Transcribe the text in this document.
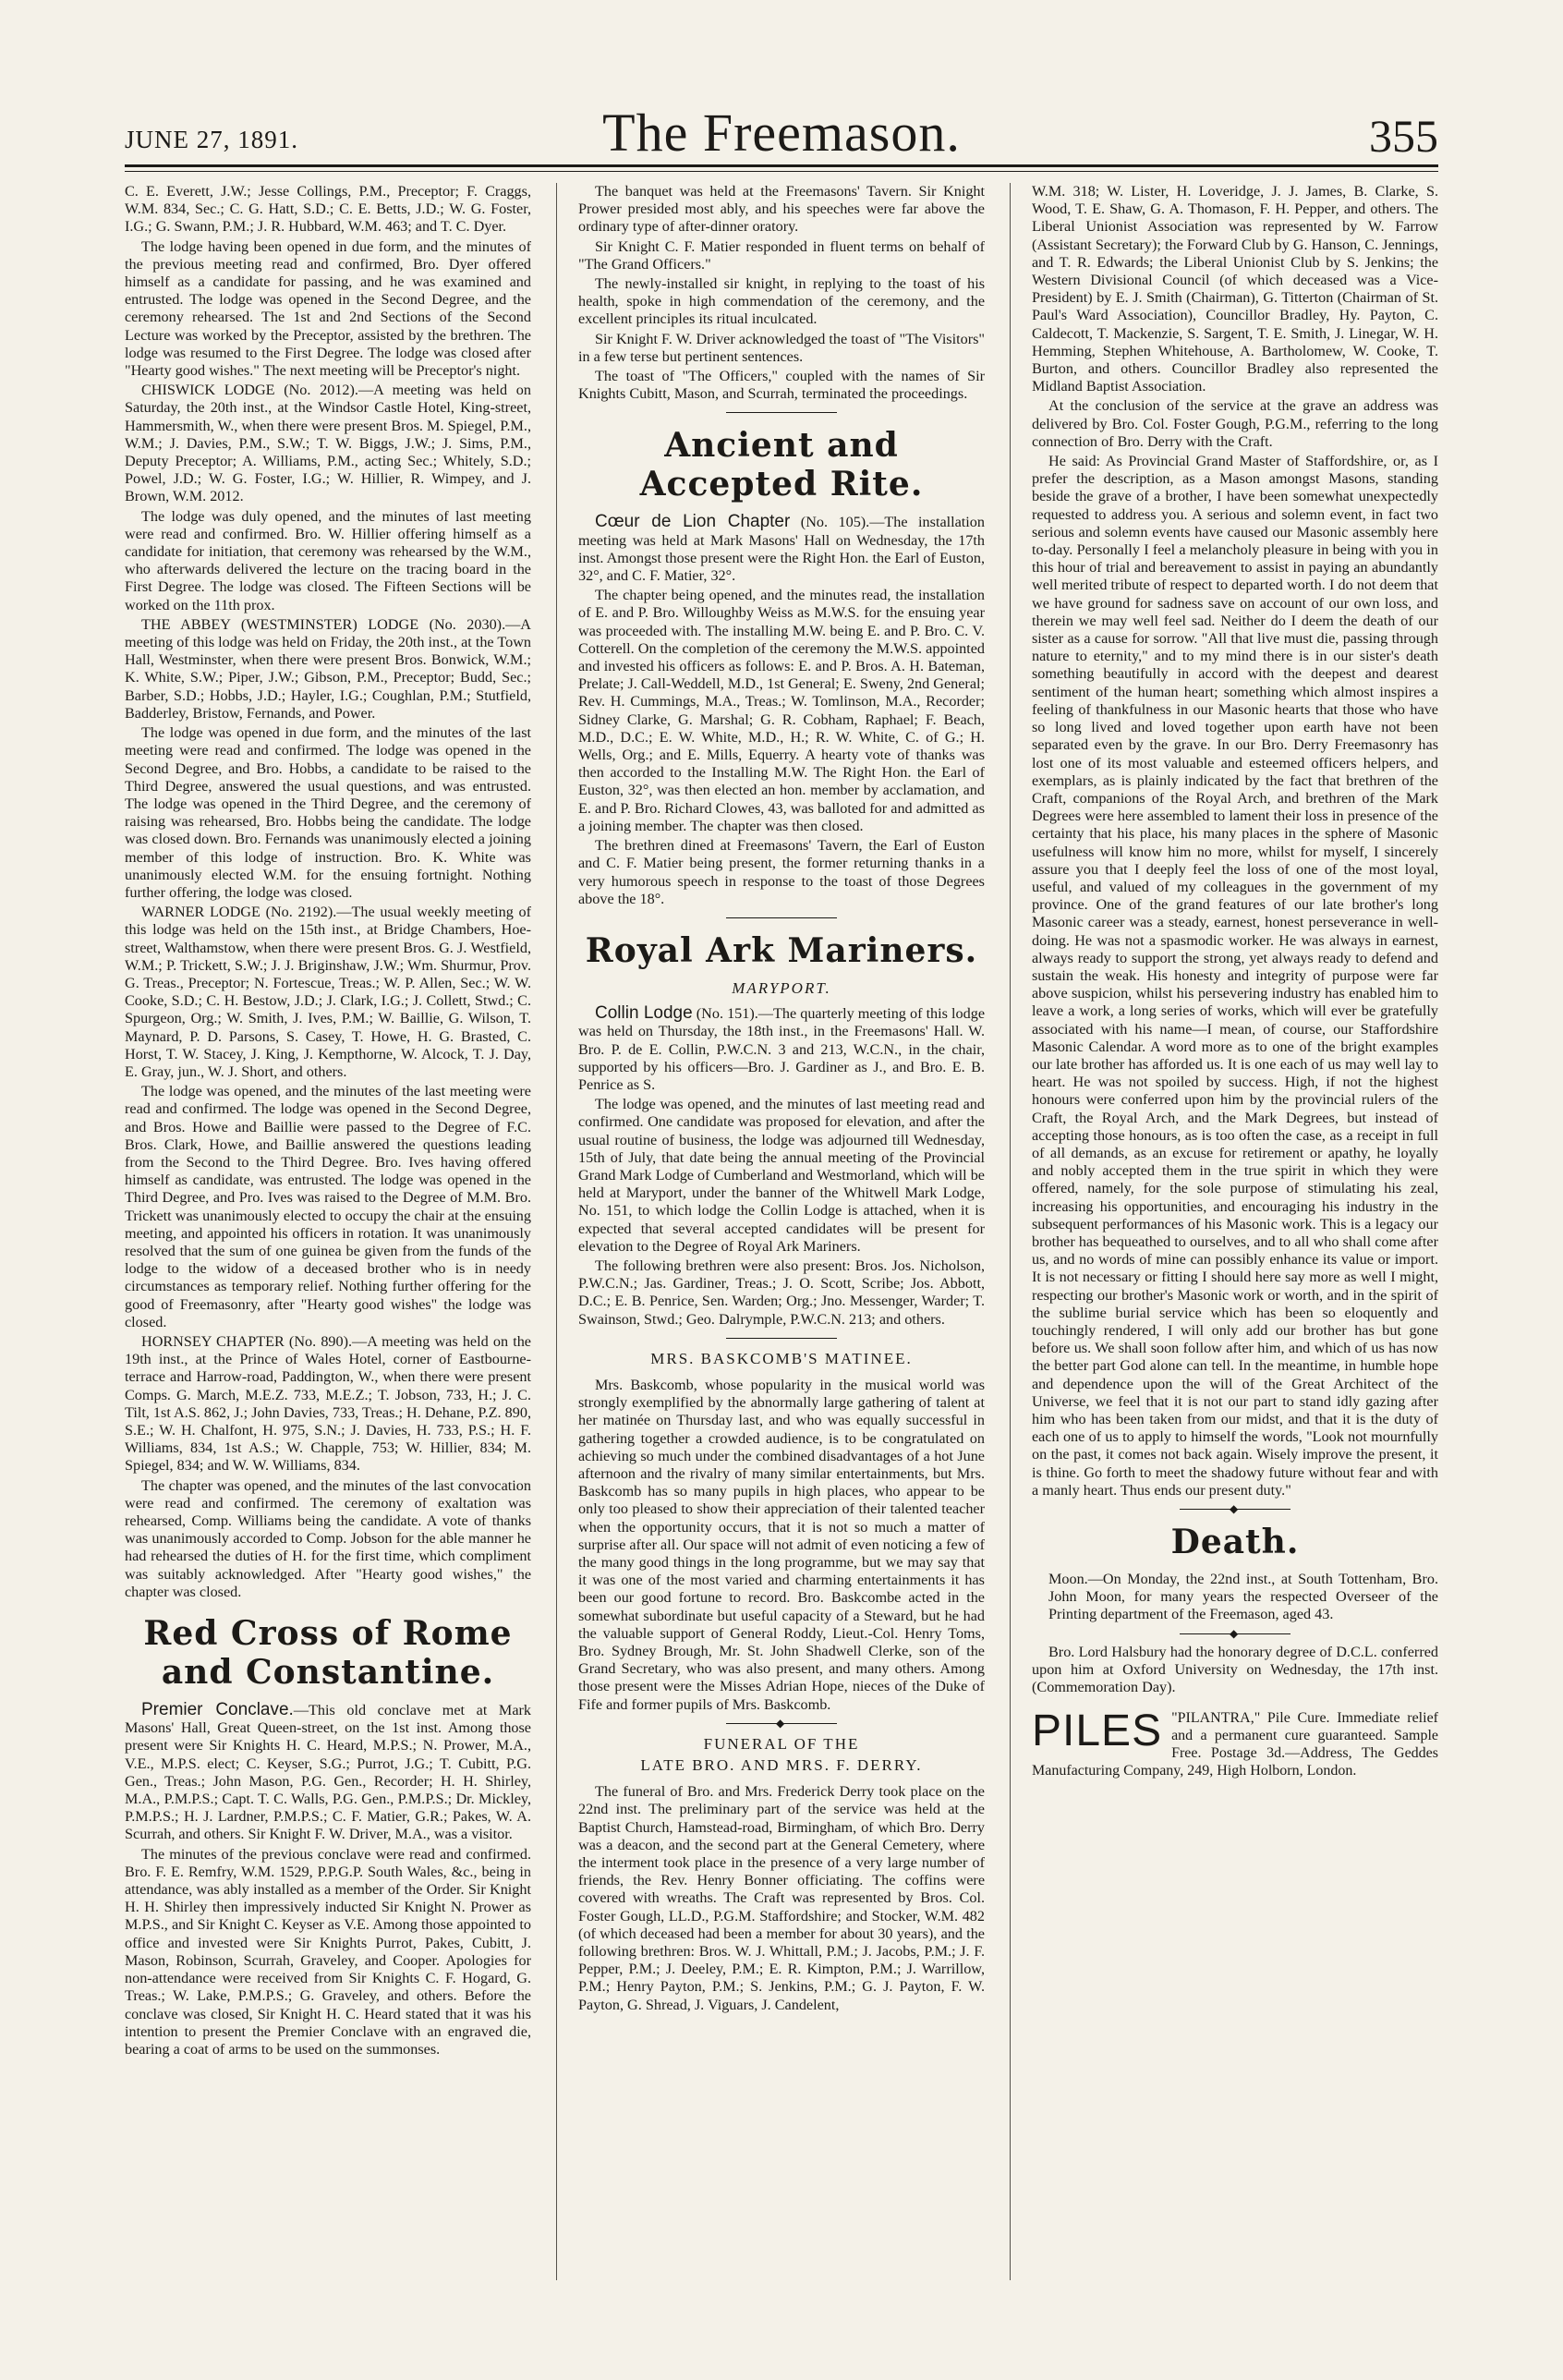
JUNE 27, 1891.	The Freemason.	355

C. E. Everett, J.W.; Jesse Collings, P.M., Preceptor; F. Craggs, W.M. 834, Sec.; C. G. Hatt, S.D.; C. E. Betts, J.D.; W. G. Foster, I.G.; G. Swann, P.M.; J. R. Hubbard, W.M. 463; and T. C. Dyer.

The lodge having been opened in due form, and the minutes of the previous meeting read and confirmed, Bro. Dyer offered himself as a candidate for passing, and he was examined and entrusted. The lodge was opened in the Second Degree, and the ceremony rehearsed. The 1st and 2nd Sections of the Second Lecture was worked by the Preceptor, assisted by the brethren. The lodge was resumed to the First Degree. The lodge was closed after "Hearty good wishes." The next meeting will be Preceptor's night.

CHISWICK LODGE (No. 2012).—A meeting was held on Saturday, the 20th inst., at the Windsor Castle Hotel, King-street, Hammersmith, W., when there were present Bros. M. Spiegel, P.M., W.M.; J. Davies, P.M., S.W.; T. W. Biggs, J.W.; J. Sims, P.M., Deputy Preceptor; A. Williams, P.M., acting Sec.; Whitely, S.D.; Powel, J.D.; W. G. Foster, I.G.; W. Hillier, R. Wimpey, and J. Brown, W.M. 2012.

The lodge was duly opened, and the minutes of last meeting were read and confirmed. Bro. W. Hillier offering himself as a candidate for initiation, that ceremony was rehearsed by the W.M., who afterwards delivered the lecture on the tracing board in the First Degree. The lodge was closed. The Fifteen Sections will be worked on the 11th prox.

THE ABBEY (WESTMINSTER) LODGE (No. 2030).—A meeting of this lodge was held on Friday, the 20th inst., at the Town Hall, Westminster, when there were present Bros. Bonwick, W.M.; K. White, S.W.; Piper, J.W.; Gibson, P.M., Preceptor; Budd, Sec.; Barber, S.D.; Hobbs, J.D.; Hayler, I.G.; Coughlan, P.M.; Stutfield, Badderley, Bristow, Fernands, and Power.

The lodge was opened in due form, and the minutes of the last meeting were read and confirmed. The lodge was opened in the Second Degree, and Bro. Hobbs, a candidate to be raised to the Third Degree, answered the usual questions, and was entrusted. The lodge was opened in the Third Degree, and the ceremony of raising was rehearsed, Bro. Hobbs being the candidate. The lodge was closed down. Bro. Fernands was unanimously elected a joining member of this lodge of instruction. Bro. K. White was unanimously elected W.M. for the ensuing fortnight. Nothing further offering, the lodge was closed.

WARNER LODGE (No. 2192).—The usual weekly meeting of this lodge was held on the 15th inst., at Bridge Chambers, Hoe-street, Walthamstow, when there were present Bros. G. J. Westfield, W.M.; P. Trickett, S.W.; J. J. Briginshaw, J.W.; Wm. Shurmur, Prov. G. Treas., Preceptor; N. Fortescue, Treas.; W. P. Allen, Sec.; W. W. Cooke, S.D.; C. H. Bestow, J.D.; J. Clark, I.G.; J. Collett, Stwd.; C. Spurgeon, Org.; W. Smith, J. Ives, P.M.; W. Baillie, G. Wilson, T. Maynard, P. D. Parsons, S. Casey, T. Howe, H. G. Brasted, C. Horst, T. W. Stacey, J. King, J. Kempthorne, W. Alcock, T. J. Day, E. Gray, jun., W. J. Short, and others.

The lodge was opened, and the minutes of the last meeting were read and confirmed. The lodge was opened in the Second Degree, and Bros. Howe and Baillie were passed to the Degree of F.C. Bros. Clark, Howe, and Baillie answered the questions leading from the Second to the Third Degree. Bro. Ives having offered himself as candidate, was entrusted. The lodge was opened in the Third Degree, and Pro. Ives was raised to the Degree of M.M. Bro. Trickett was unanimously elected to occupy the chair at the ensuing meeting, and appointed his officers in rotation. It was unanimously resolved that the sum of one guinea be given from the funds of the lodge to the widow of a deceased brother who is in needy circumstances as temporary relief. Nothing further offering for the good of Freemasonry, after "Hearty good wishes" the lodge was closed.

HORNSEY CHAPTER (No. 890).—A meeting was held on the 19th inst., at the Prince of Wales Hotel, corner of Eastbourne-terrace and Harrow-road, Paddington, W., when there were present Comps. G. March, M.E.Z. 733, M.E.Z.; T. Jobson, 733, H.; J. C. Tilt, 1st A.S. 862, J.; John Davies, 733, Treas.; H. Dehane, P.Z. 890, S.E.; W. H. Chalfont, H. 975, S.N.; J. Davies, H. 733, P.S.; H. F. Williams, 834, 1st A.S.; W. Chapple, 753; W. Hillier, 834; M. Spiegel, 834; and W. W. Williams, 834.

The chapter was opened, and the minutes of the last convocation were read and confirmed. The ceremony of exaltation was rehearsed, Comp. Williams being the candidate. A vote of thanks was unanimously accorded to Comp. Jobson for the able manner he had rehearsed the duties of H. for the first time, which compliment was suitably acknowledged. After "Hearty good wishes," the chapter was closed.

Red Cross of Rome and Constantine.

Premier Conclave.—This old conclave met at Mark Masons' Hall, Great Queen-street, on the 1st inst. Among those present were Sir Knights H. C. Heard, M.P.S.; N. Prower, M.A., V.E., M.P.S. elect; C. Keyser, S.G.; Purrot, J.G.; T. Cubitt, P.G. Gen., Treas.; John Mason, P.G. Gen., Recorder; H. H. Shirley, M.A., P.M.P.S.; Capt. T. C. Walls, P.G. Gen., P.M.P.S.; Dr. Mickley, P.M.P.S.; H. J. Lardner, P.M.P.S.; C. F. Matier, G.R.; Pakes, W. A. Scurrah, and others. Sir Knight F. W. Driver, M.A., was a visitor.

The minutes of the previous conclave were read and confirmed. Bro. F. E. Remfry, W.M. 1529, P.P.G.P. South Wales, &c., being in attendance, was ably installed as a member of the Order. Sir Knight H. H. Shirley then impressively inducted Sir Knight N. Prower as M.P.S., and Sir Knight C. Keyser as V.E. Among those appointed to office and invested were Sir Knights Purrot, Pakes, Cubitt, J. Mason, Robinson, Scurrah, Graveley, and Cooper. Apologies for non-attendance were received from Sir Knights C. F. Hogard, G. Treas.; W. Lake, P.M.P.S.; G. Graveley, and others. Before the conclave was closed, Sir Knight H. C. Heard stated that it was his intention to present the Premier Conclave with an engraved die, bearing a coat of arms to be used on the summonses.

The banquet was held at the Freemasons' Tavern. Sir Knight Prower presided most ably, and his speeches were far above the ordinary type of after-dinner oratory.

Sir Knight C. F. Matier responded in fluent terms on behalf of "The Grand Officers."

The newly-installed sir knight, in replying to the toast of his health, spoke in high commendation of the ceremony, and the excellent principles its ritual inculcated.

Sir Knight F. W. Driver acknowledged the toast of "The Visitors" in a few terse but pertinent sentences.

The toast of "The Officers," coupled with the names of Sir Knights Cubitt, Mason, and Scurrah, terminated the proceedings.

Ancient and Accepted Rite.

Cœur de Lion Chapter (No. 105).—The installation meeting was held at Mark Masons' Hall on Wednesday, the 17th inst. Amongst those present were the Right Hon. the Earl of Euston, 32°, and C. F. Matier, 32°.

The chapter being opened, and the minutes read, the installation of E. and P. Bro. Willoughby Weiss as M.W.S. for the ensuing year was proceeded with. The installing M.W. being E. and P. Bro. C. V. Cotterell. On the completion of the ceremony the M.W.S. appointed and invested his officers as follows: E. and P. Bros. A. H. Bateman, Prelate; J. Call-Weddell, M.D., 1st General; E. Sweny, 2nd General; Rev. H. Cummings, M.A., Treas.; W. Tomlinson, M.A., Recorder; Sidney Clarke, G. Marshal; G. R. Cobham, Raphael; F. Beach, M.D., D.C.; E. W. White, M.D., H.; R. W. White, C. of G.; H. Wells, Org.; and E. Mills, Equerry. A hearty vote of thanks was then accorded to the Installing M.W. The Right Hon. the Earl of Euston, 32°, was then elected an hon. member by acclamation, and E. and P. Bro. Richard Clowes, 43, was balloted for and admitted as a joining member. The chapter was then closed.

The brethren dined at Freemasons' Tavern, the Earl of Euston and C. F. Matier being present, the former returning thanks in a very humorous speech in response to the toast of those Degrees above the 18°.

Royal Ark Mariners.
MARYPORT.

Collin Lodge (No. 151).—The quarterly meeting of this lodge was held on Thursday, the 18th inst., in the Freemasons' Hall. W. Bro. P. de E. Collin, P.W.C.N. 3 and 213, W.C.N., in the chair, supported by his officers—Bro. J. Gardiner as J., and Bro. E. B. Penrice as S.

The lodge was opened, and the minutes of last meeting read and confirmed. One candidate was proposed for elevation, and after the usual routine of business, the lodge was adjourned till Wednesday, 15th of July, that date being the annual meeting of the Provincial Grand Mark Lodge of Cumberland and Westmorland, which will be held at Maryport, under the banner of the Whitwell Mark Lodge, No. 151, to which lodge the Collin Lodge is attached, when it is expected that several accepted candidates will be present for elevation to the Degree of Royal Ark Mariners.

The following brethren were also present: Bros. Jos. Nicholson, P.W.C.N.; Jas. Gardiner, Treas.; J. O. Scott, Scribe; Jos. Abbott, D.C.; E. B. Penrice, Sen. Warden; Org.; Jno. Messenger, Warder; T. Swainson, Stwd.; Geo. Dalrymple, P.W.C.N. 213; and others.

MRS. BASKCOMB'S MATINEE.

Mrs. Baskcomb, whose popularity in the musical world was strongly exemplified by the abnormally large gathering of talent at her matinée on Thursday last, and who was equally successful in gathering together a crowded audience, is to be congratulated on achieving so much under the combined disadvantages of a hot June afternoon and the rivalry of many similar entertainments, but Mrs. Baskcomb has so many pupils in high places, who appear to be only too pleased to show their appreciation of their talented teacher when the opportunity occurs, that it is not so much a matter of surprise after all. Our space will not admit of even noticing a few of the many good things in the long programme, but we may say that it was one of the most varied and charming entertainments it has been our good fortune to record. Bro. Baskcombe acted in the somewhat subordinate but useful capacity of a Steward, but he had the valuable support of General Roddy, Lieut.-Col. Henry Toms, Bro. Sydney Brough, Mr. St. John Shadwell Clerke, son of the Grand Secretary, who was also present, and many others. Among those present were the Misses Adrian Hope, nieces of the Duke of Fife and former pupils of Mrs. Baskcomb.

◆
FUNERAL OF THE
LATE BRO. AND MRS. F. DERRY.

The funeral of Bro. and Mrs. Frederick Derry took place on the 22nd inst. The preliminary part of the service was held at the Baptist Church, Hamstead-road, Birmingham, of which Bro. Derry was a deacon, and the second part at the General Cemetery, where the interment took place in the presence of a very large number of friends, the Rev. Henry Bonner officiating. The coffins were covered with wreaths. The Craft was represented by Bros. Col. Foster Gough, LL.D., P.G.M. Staffordshire; and Stocker, W.M. 482 (of which deceased had been a member for about 30 years), and the following brethren: Bros. W. J. Whittall, P.M.; J. Jacobs, P.M.; J. F. Pepper, P.M.; J. Deeley, P.M.; E. R. Kimpton, P.M.; J. Warrillow, P.M.; Henry Payton, P.M.; S. Jenkins, P.M.; G. J. Payton, F. W. Payton, G. Shread, J. Viguars, J. Candelent,

W.M. 318; W. Lister, H. Loveridge, J. J. James, B. Clarke, S. Wood, T. E. Shaw, G. A. Thomason, F. H. Pepper, and others. The Liberal Unionist Association was represented by W. Farrow (Assistant Secretary); the Forward Club by G. Hanson, C. Jennings, and T. R. Edwards; the Liberal Unionist Club by S. Jenkins; the Western Divisional Council (of which deceased was a Vice-President) by E. J. Smith (Chairman), G. Titterton (Chairman of St. Paul's Ward Association), Councillor Bradley, Hy. Payton, C. Caldecott, T. Mackenzie, S. Sargent, T. E. Smith, J. Linegar, W. H. Hemming, Stephen Whitehouse, A. Bartholomew, W. Cooke, T. Burton, and others. Councillor Bradley also represented the Midland Baptist Association.

At the conclusion of the service at the grave an address was delivered by Bro. Col. Foster Gough, P.G.M., referring to the long connection of Bro. Derry with the Craft.

He said: As Provincial Grand Master of Staffordshire, or, as I prefer the description, as a Mason amongst Masons, standing beside the grave of a brother, I have been somewhat unexpectedly requested to address you. A serious and solemn event, in fact two serious and solemn events have caused our Masonic assembly here to-day. Personally I feel a melancholy pleasure in being with you in this hour of trial and bereavement to assist in paying an abundantly well merited tribute of respect to departed worth. I do not deem that we have ground for sadness save on account of our own loss, and therein we may well feel sad. Neither do I deem the death of our sister as a cause for sorrow. "All that live must die, passing through nature to eternity," and to my mind there is in our sister's death something beautifully in accord with the deepest and dearest sentiment of the human heart; something which almost inspires a feeling of thankfulness in our Masonic hearts that those who have so long lived and loved together upon earth have not been separated even by the grave. In our Bro. Derry Freemasonry has lost one of its most valuable and esteemed officers helpers, and exemplars, as is plainly indicated by the fact that brethren of the Craft, companions of the Royal Arch, and brethren of the Mark Degrees were here assembled to lament their loss in presence of the certainty that his place, his many places in the sphere of Masonic usefulness will know him no more, whilst for myself, I sincerely assure you that I deeply feel the loss of one of the most loyal, useful, and valued of my colleagues in the government of my province. One of the grand features of our late brother's long Masonic career was a steady, earnest, honest perseverance in well-doing. He was not a spasmodic worker. He was always in earnest, always ready to support the strong, yet always ready to defend and sustain the weak. His honesty and integrity of purpose were far above suspicion, whilst his persevering industry has enabled him to leave a work, a long series of works, which will ever be gratefully associated with his name—I mean, of course, our Staffordshire Masonic Calendar. A word more as to one of the bright examples our late brother has afforded us. It is one each of us may well lay to heart. He was not spoiled by success. High, if not the highest honours were conferred upon him by the provincial rulers of the Craft, the Royal Arch, and the Mark Degrees, but instead of accepting those honours, as is too often the case, as a receipt in full of all demands, as an excuse for retirement or apathy, he loyally and nobly accepted them in the true spirit in which they were offered, namely, for the sole purpose of stimulating his zeal, increasing his opportunities, and encouraging his industry in the subsequent performances of his Masonic work. This is a legacy our brother has bequeathed to ourselves, and to all who shall come after us, and no words of mine can possibly enhance its value or import. It is not necessary or fitting I should here say more as well I might, respecting our brother's Masonic work or worth, and in the spirit of the sublime burial service which has been so eloquently and touchingly rendered, I will only add our brother has but gone before us. We shall soon follow after him, and which of us has now the better part God alone can tell. In the meantime, in humble hope and dependence upon the will of the Great Architect of the Universe, we feel that it is not our part to stand idly gazing after him who has been taken from our midst, and that it is the duty of each one of us to apply to himself the words, "Look not mournfully on the past, it comes not back again. Wisely improve the present, it is thine. Go forth to meet the shadowy future without fear and with a manly heart. Thus ends our present duty."

◆
Death.

Moon.—On Monday, the 22nd inst., at South Tottenham, Bro. John Moon, for many years the respected Overseer of the Printing department of the Freemason, aged 43.

◆

Bro. Lord Halsbury had the honorary degree of D.C.L. conferred upon him at Oxford University on Wednesday, the 17th inst. (Commemoration Day).

PILES "PILANTRA," Pile Cure. Immediate relief and a permanent cure guaranteed. Sample Free. Postage 3d.—Address, The Geddes Manufacturing Company, 249, High Holborn, London.
